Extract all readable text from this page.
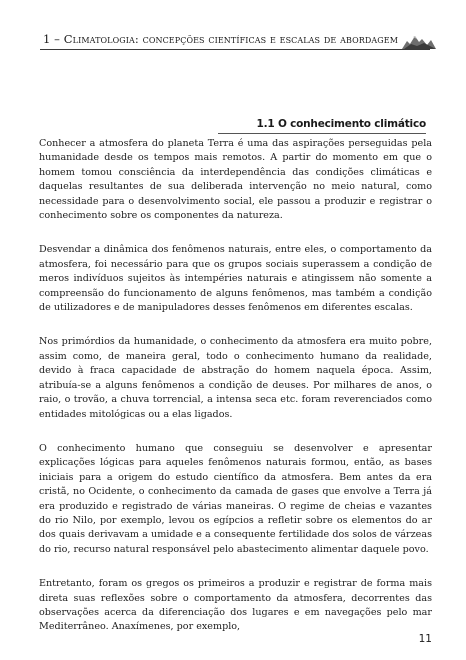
1 – Climatologia: concepções científicas e escalas de abordagem
1.1 O conhecimento climático

Conhecer a atmosfera do planeta Terra é uma das aspirações perseguidas pela humanidade desde os tempos mais remotos. A partir do momento em que o homem tomou consciência da interdependência das condições climáticas e daquelas resultantes de sua deliberada intervenção no meio natural, como necessidade para o desenvolvimento social, ele passou a produzir e registrar o conhecimento sobre os componentes da natureza.

Desvendar a dinâmica dos fenômenos naturais, entre eles, o comportamento da atmosfera, foi necessário para que os grupos sociais superassem a condição de meros indivíduos sujeitos às intempéries naturais e atingissem não somente a compreensão do funcionamento de alguns fenômenos, mas também a condição de utilizadores e de manipuladores desses fenômenos em diferentes escalas.

Nos primórdios da humanidade, o conhecimento da atmosfera era muito pobre, assim como, de maneira geral, todo o conhecimento humano da realidade, devido à fraca capacidade de abstração do homem naquela época. Assim, atribuía-se a alguns fenômenos a condição de deuses. Por milhares de anos, o raio, o trovão, a chuva torrencial, a intensa seca etc. foram reverenciados como entidades mitológicas ou a elas ligados.

O conhecimento humano que conseguiu se desenvolver e apresentar explicações lógicas para aqueles fenômenos naturais formou, então, as bases iniciais para a origem do estudo científico da atmosfera. Bem antes da era cristã, no Ocidente, o conhecimento da camada de gases que envolve a Terra já era produzido e registrado de várias maneiras. O regime de cheias e vazantes do rio Nilo, por exemplo, levou os egípcios a refletir sobre os elementos do ar dos quais derivavam a umidade e a consequente fertilidade dos solos de várzeas do rio, recurso natural responsável pelo abastecimento alimentar daquele povo.

Entretanto, foram os gregos os primeiros a produzir e registrar de forma mais direta suas reflexões sobre o comportamento da atmosfera, decorrentes das observações acerca da diferenciação dos lugares e em navegações pelo mar Mediterrâneo. Anaxímenes, por exemplo,

11
